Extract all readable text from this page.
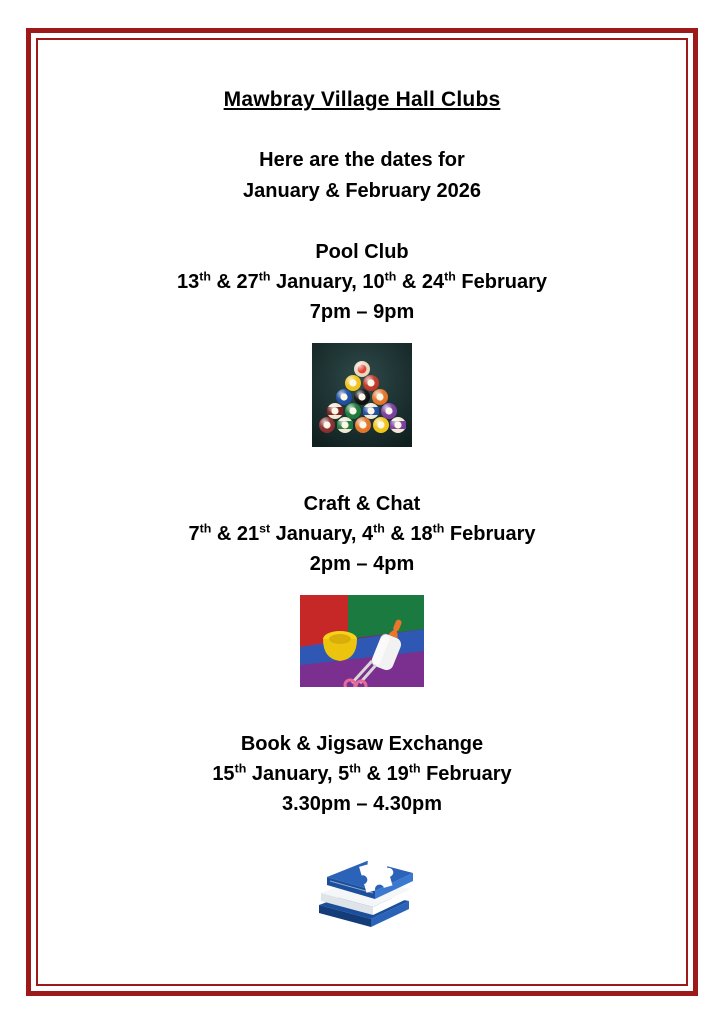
Mawbray Village Hall Clubs
Here are the dates for
January & February 2026
Pool Club
13th & 27th January, 10th & 24th February
7pm – 9pm
Craft & Chat
7th & 21st January, 4th & 18th February
2pm – 4pm
Book & Jigsaw Exchange
15th January, 5th & 19th February
3.30pm – 4.30pm
